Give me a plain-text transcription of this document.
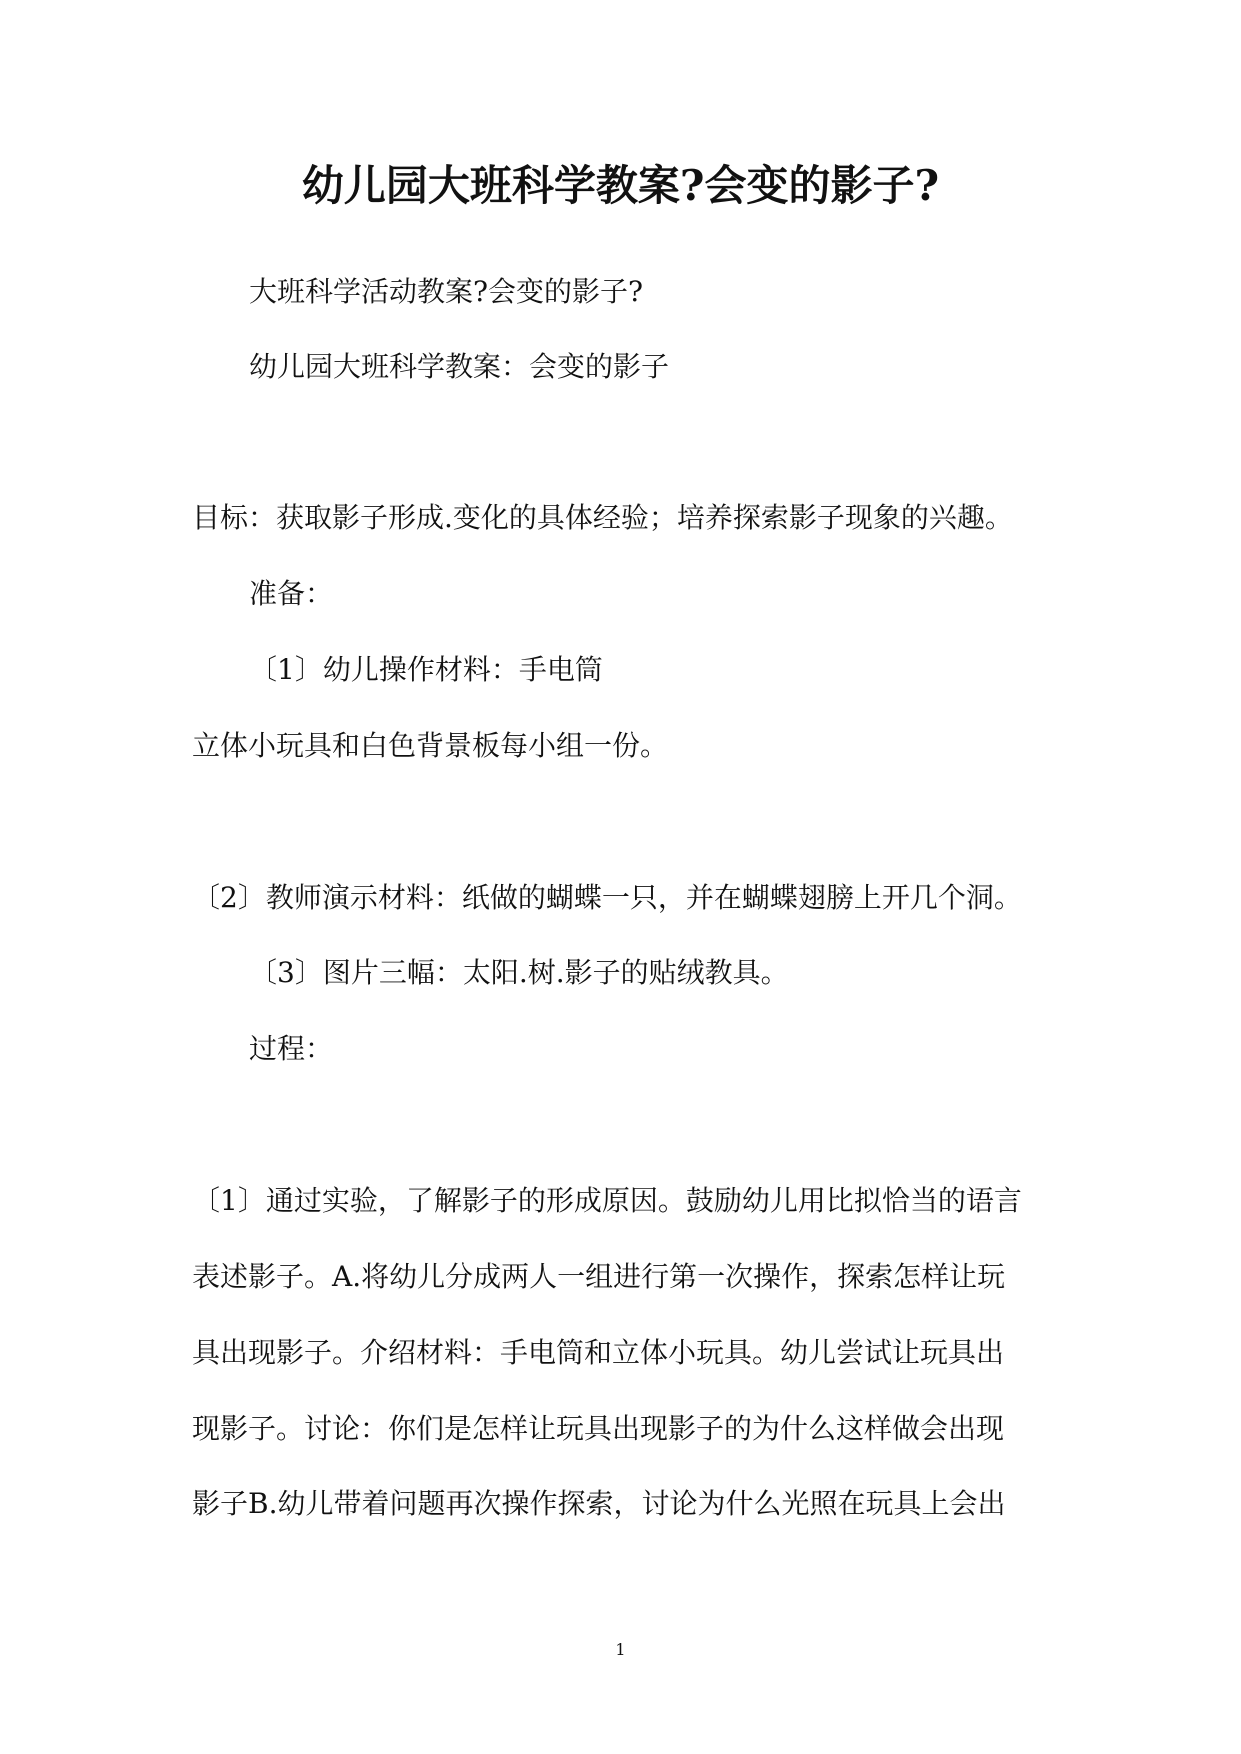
幼儿园大班科学教案?会变的影子?
大班科学活动教案?会变的影子?
幼儿园大班科学教案：会变的影子
目标：获取影子形成.变化的具体经验；培养探索影子现象的兴趣。
准备：
〔1〕幼儿操作材料：手电筒
立体小玩具和白色背景板每小组一份。
〔2〕教师演示材料：纸做的蝴蝶一只，并在蝴蝶翅膀上开几个洞。
〔3〕图片三幅：太阳.树.影子的贴绒教具。
过程：
〔1〕通过实验，了解影子的形成原因。鼓励幼儿用比拟恰当的语言
表述影子。A.将幼儿分成两人一组进行第一次操作，探索怎样让玩
具出现影子。介绍材料：手电筒和立体小玩具。幼儿尝试让玩具出
现影子。讨论：你们是怎样让玩具出现影子的为什么这样做会出现
影子B.幼儿带着问题再次操作探索，讨论为什么光照在玩具上会出
1
